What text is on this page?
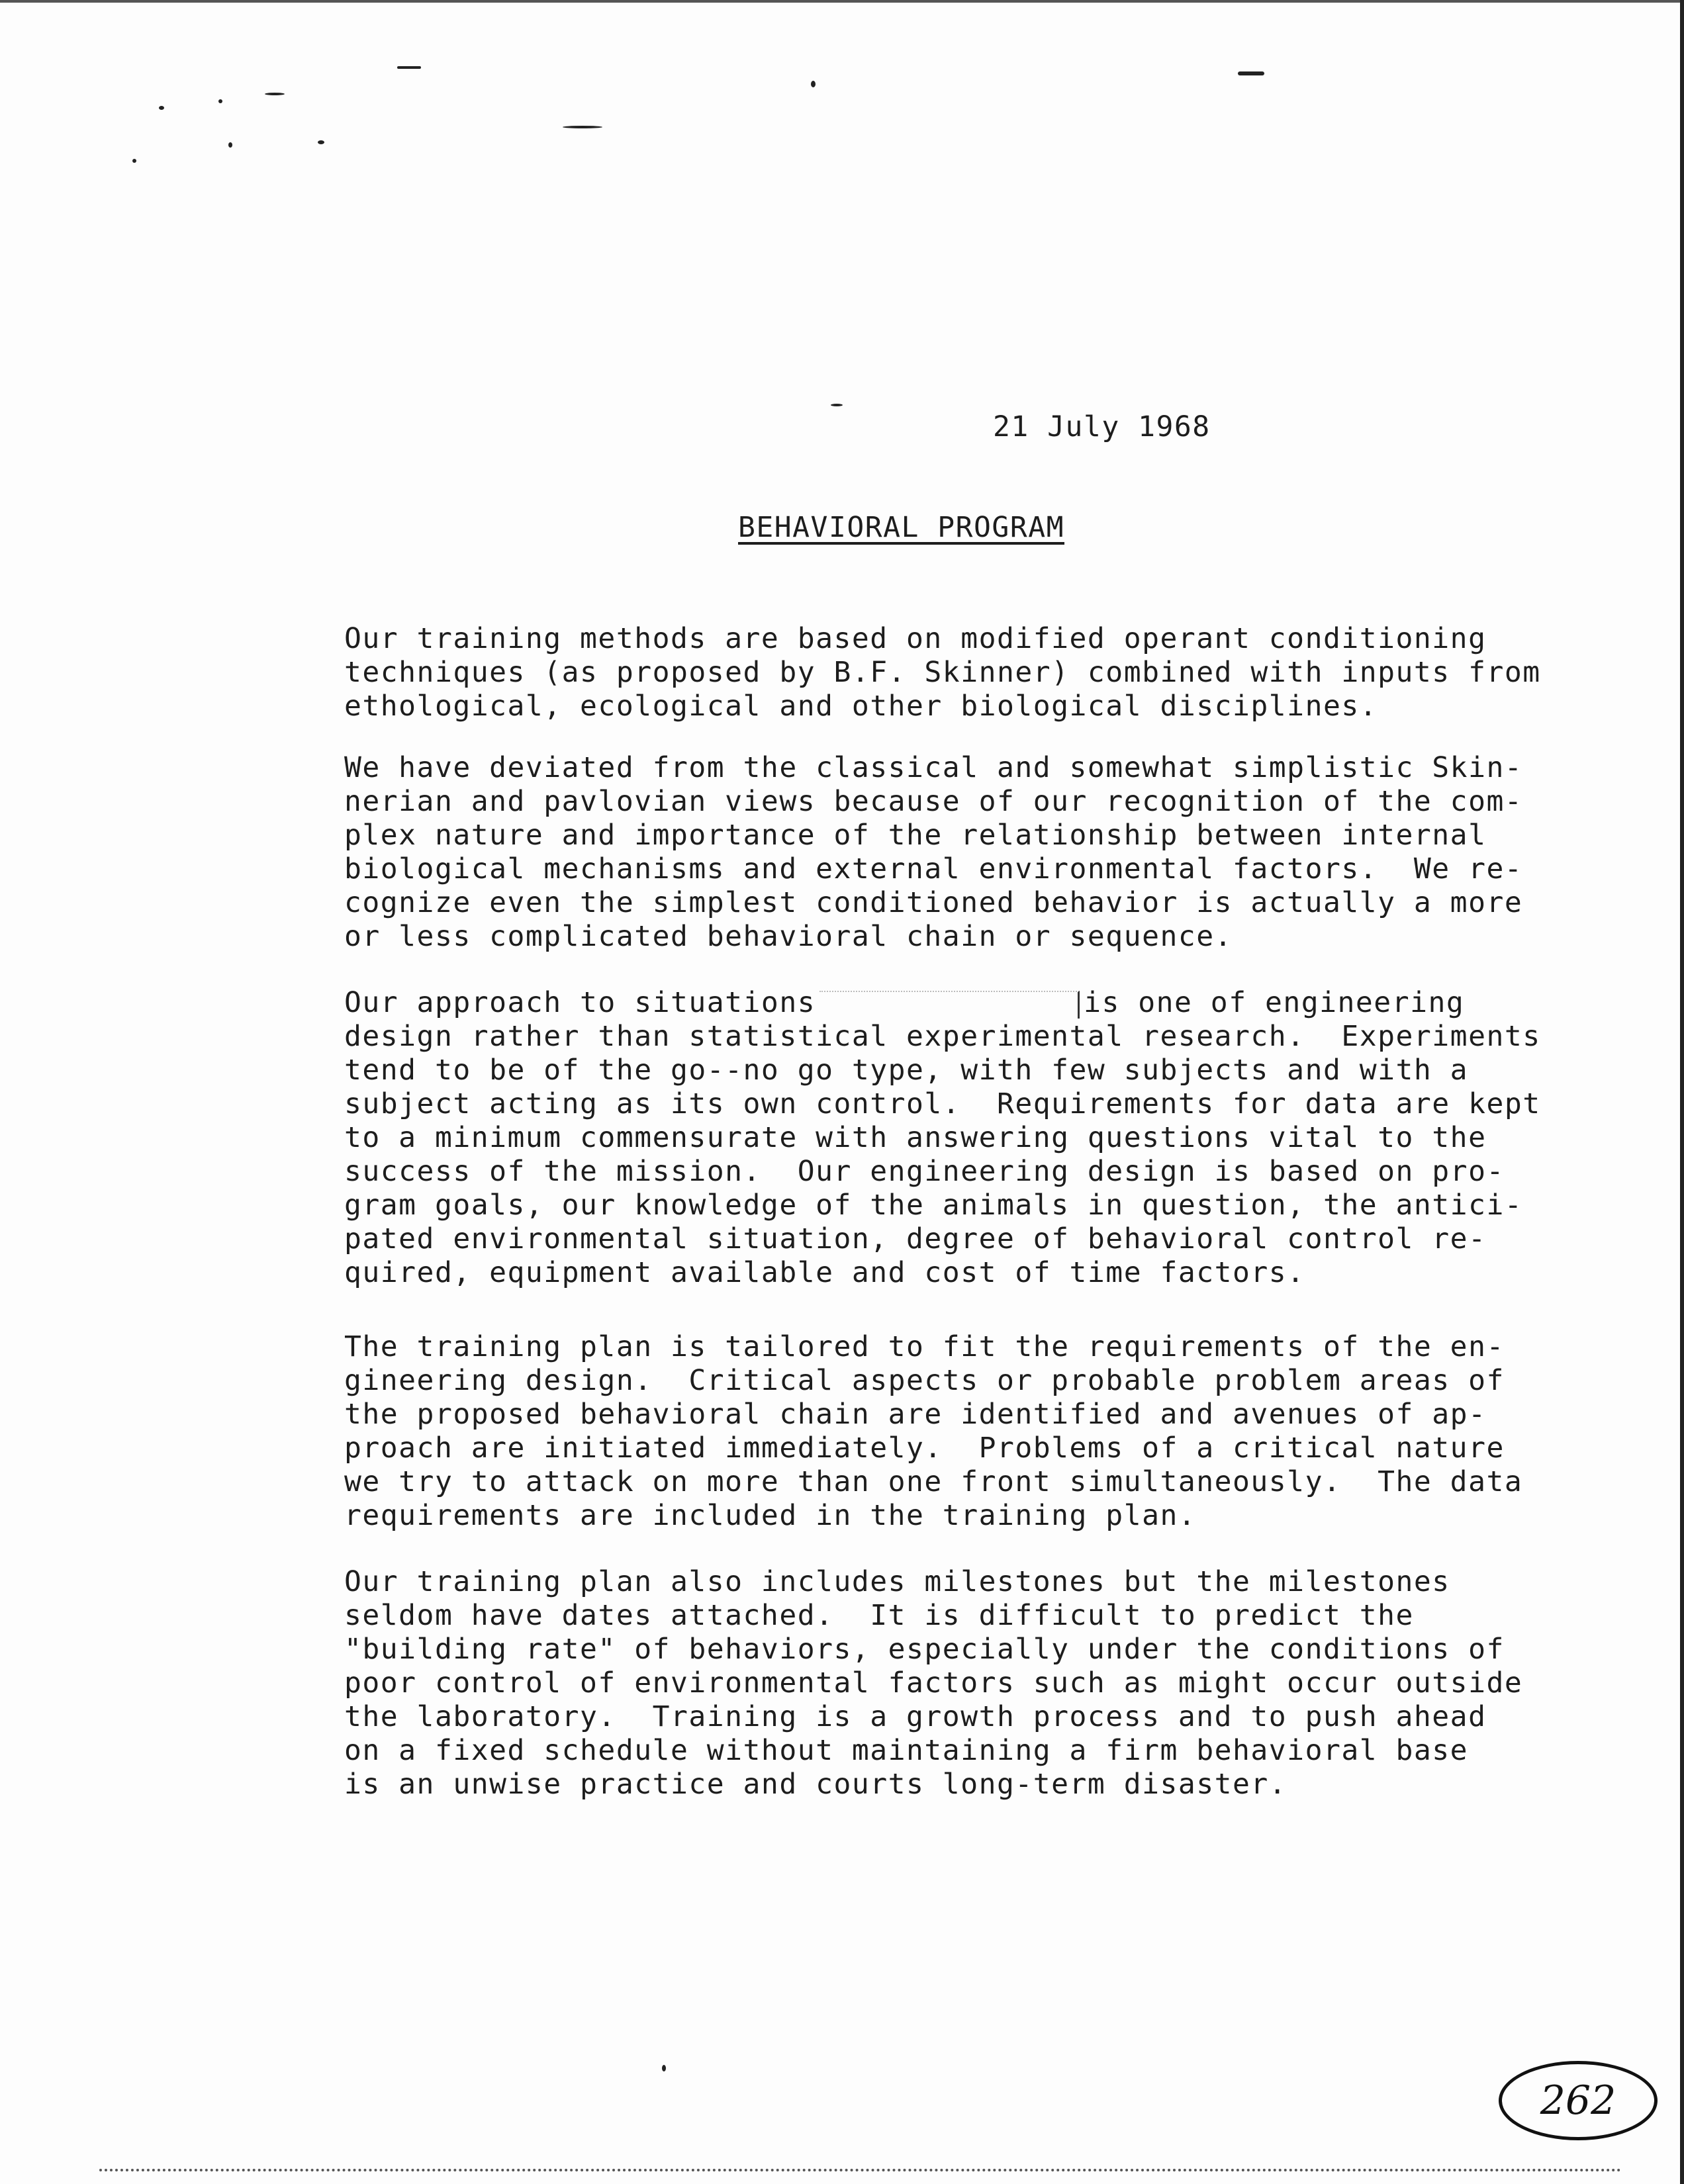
21 July 1968
BEHAVIORAL PROGRAM
Our training methods are based on modified operant conditioning
techniques (as proposed by B.F. Skinner) combined with inputs from
ethological, ecological and other biological disciplines.
We have deviated from the classical and somewhat simplistic Skin-
nerian and pavlovian views because of our recognition of the com-
plex nature and importance of the relationship between internal
biological mechanisms and external environmental factors.  We re-
cognize even the simplest conditioned behavior is actually a more
or less complicated behavioral chain or sequence.
Our approach to situations	is one of engineering
design rather than statistical experimental research.  Experiments
tend to be of the go--no go type, with few subjects and with a
subject acting as its own control.  Requirements for data are kept
to a minimum commensurate with answering questions vital to the
success of the mission.  Our engineering design is based on pro-
gram goals, our knowledge of the animals in question, the antici-
pated environmental situation, degree of behavioral control re-
quired, equipment available and cost of time factors.
The training plan is tailored to fit the requirements of the en-
gineering design.  Critical aspects or probable problem areas of
the proposed behavioral chain are identified and avenues of ap-
proach are initiated immediately.  Problems of a critical nature
we try to attack on more than one front simultaneously.  The data
requirements are included in the training plan.
Our training plan also includes milestones but the milestones
seldom have dates attached.  It is difficult to predict the
"building rate" of behaviors, especially under the conditions of
poor control of environmental factors such as might occur outside
the laboratory.  Training is a growth process and to push ahead
on a fixed schedule without maintaining a firm behavioral base
is an unwise practice and courts long-term disaster.
262
